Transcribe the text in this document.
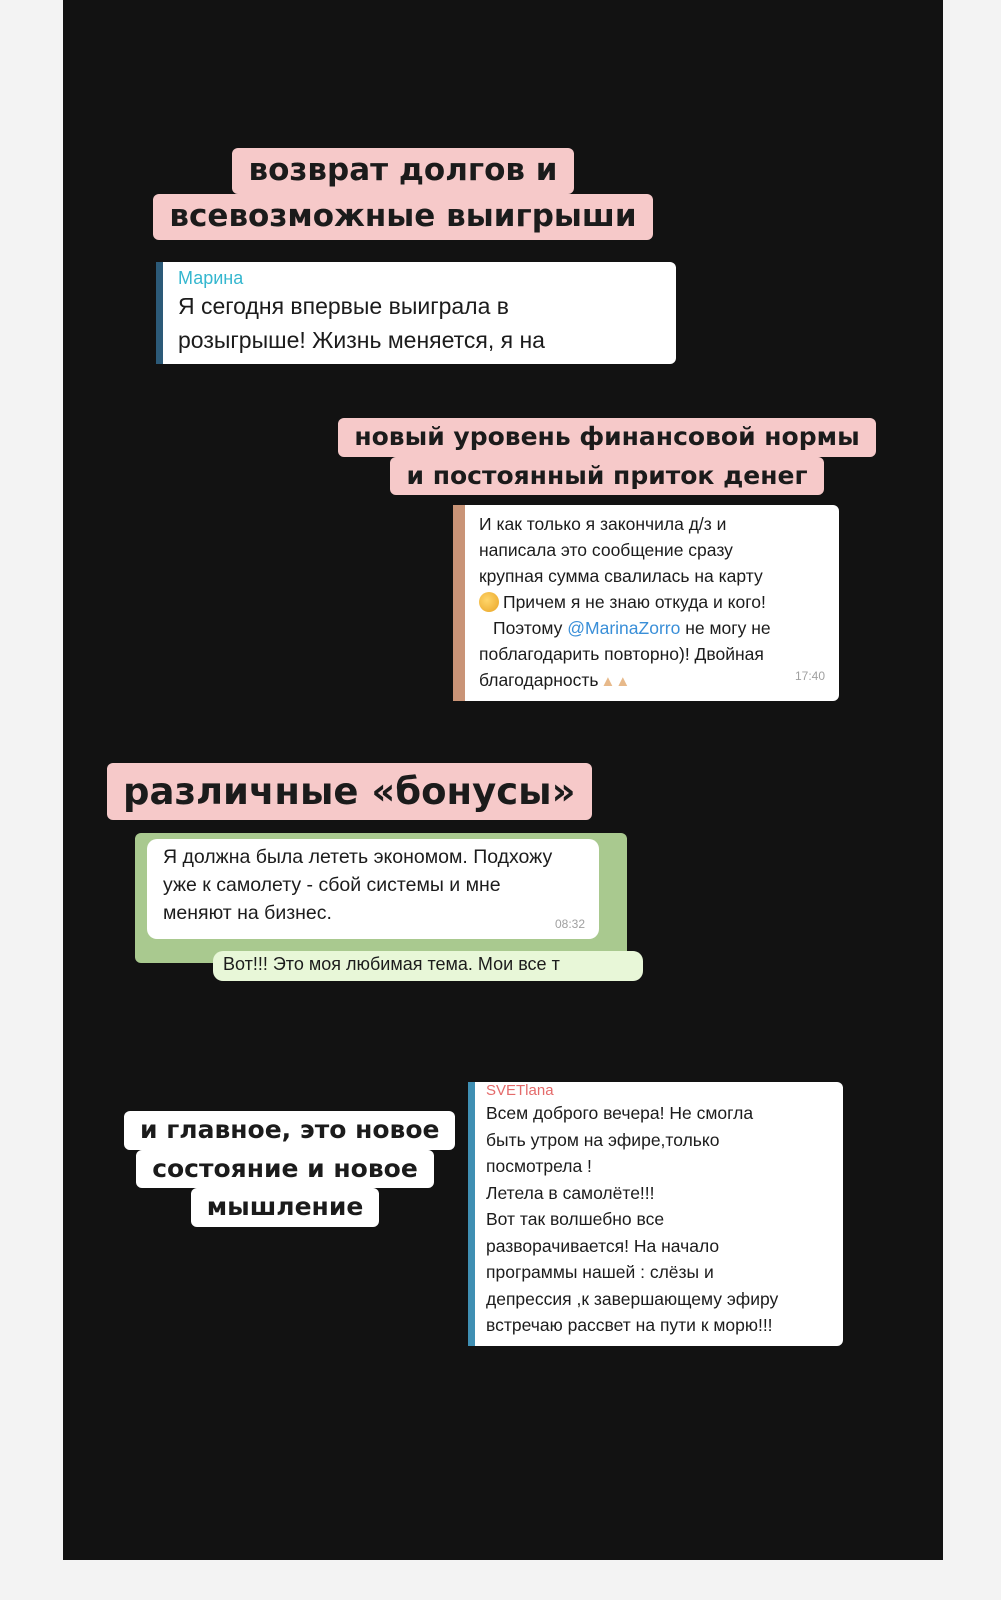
возврат долгов и
всевозможные выигрыши
Марина
Я сегодня впервые выиграла в
розыгрыше! Жизнь меняется, я на
новый уровень финансовой нормы
и постоянный приток денег
И как только я закончила д/з и
написала это сообщение сразу
крупная сумма свалилась на карту
Причем я не знаю откуда и кого!
Поэтому @MarinaZorro не могу не
поблагодарить повторно)! Двойная
благодарность ▲▲	17:40
различные «бонусы»
Я должна была лететь экономом. Подхожу
уже к самолету - сбой системы и мне
меняют на бизнес.	08:32
Вот!!! Это моя любимая тема. Мои все т
и главное, это новое
состояние и новое
мышление
SVETlana
Всем доброго вечера! Не смогла
быть утром на эфире,только
посмотрела !
Летела в самолёте!!!
Вот так волшебно все
разворачивается! На начало
программы нашей : слёзы и
депрессия ,к завершающему эфиру
встречаю рассвет на пути к морю!!!
